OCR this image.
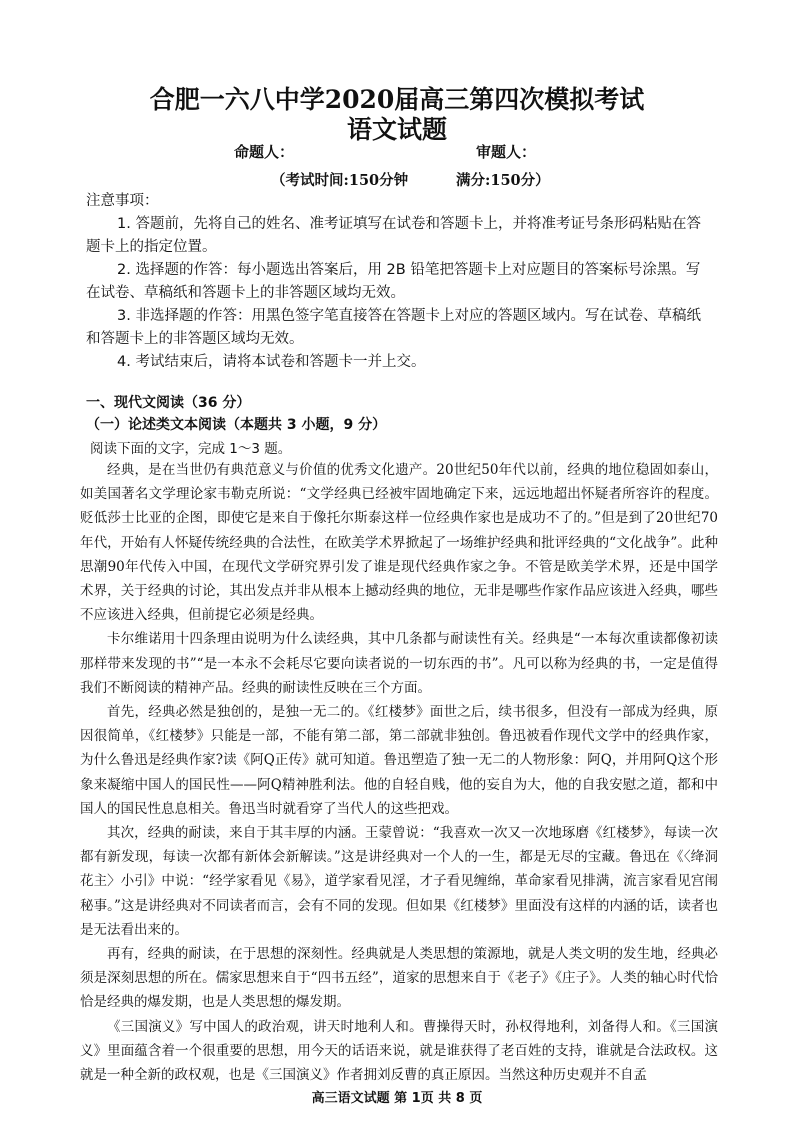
合肥一六八中学2020届高三第四次模拟考试
语文试题
命题人：	审题人：
（考试时间:150分钟	满分:150分）

注意事项：

1. 答题前，先将自己的姓名、准考证填写在试卷和答题卡上，并将准考证号条形码粘贴在答题卡上的指定位置。

2. 选择题的作答：每小题选出答案后，用 2B 铅笔把答题卡上对应题目的答案标号涂黑。写在试卷、草稿纸和答题卡上的非答题区域均无效。

3. 非选择题的作答：用黑色签字笔直接答在答题卡上对应的答题区域内。写在试卷、草稿纸和答题卡上的非答题区域均无效。

4. 考试结束后，请将本试卷和答题卡一并上交。

一、现代文阅读（36 分）
（一）论述类文本阅读（本题共 3 小题，9 分）
阅读下面的文字，完成 1～3 题。

经典，是在当世仍有典范意义与价值的优秀文化遗产。20世纪50年代以前，经典的地位稳固如泰山，如美国著名文学理论家韦勒克所说：“文学经典已经被牢固地确定下来，远远地超出怀疑者所容许的程度。贬低莎士比亚的企图，即使它是来自于像托尔斯泰这样一位经典作家也是成功不了的。”但是到了20世纪70年代，开始有人怀疑传统经典的合法性，在欧美学术界掀起了一场维护经典和批评经典的“文化战争”。此种思潮90年代传入中国，在现代文学研究界引发了谁是现代经典作家之争。不管是欧美学术界，还是中国学术界，关于经典的讨论，其出发点并非从根本上撼动经典的地位，无非是哪些作家作品应该进入经典，哪些不应该进入经典，但前提它必须是经典。

卡尔维诺用十四条理由说明为什么读经典，其中几条都与耐读性有关。经典是“一本每次重读都像初读那样带来发现的书”“是一本永不会耗尽它要向读者说的一切东西的书”。凡可以称为经典的书，一定是值得我们不断阅读的精神产品。经典的耐读性反映在三个方面。

首先，经典必然是独创的，是独一无二的。《红楼梦》面世之后，续书很多，但没有一部成为经典，原因很简单，《红楼梦》只能是一部，不能有第二部，第二部就非独创。鲁迅被看作现代文学中的经典作家，为什么鲁迅是经典作家?读《阿Q正传》就可知道。鲁迅塑造了独一无二的人物形象：阿Q，并用阿Q这个形象来凝缩中国人的国民性——阿Q精神胜利法。他的自轻自贱，他的妄自为大，他的自我安慰之道，都和中国人的国民性息息相关。鲁迅当时就看穿了当代人的这些把戏。

其次，经典的耐读，来自于其丰厚的内涵。王蒙曾说：“我喜欢一次又一次地琢磨《红楼梦》，每读一次都有新发现，每读一次都有新体会新解读。”这是讲经典对一个人的一生，都是无尽的宝藏。鲁迅在《〈绛洞花主〉小引》中说：“经学家看见《易》，道学家看见淫，才子看见缠绵，革命家看见排满，流言家看见宫闱秘事。”这是讲经典对不同读者而言，会有不同的发现。但如果《红楼梦》里面没有这样的内涵的话，读者也是无法看出来的。

再有，经典的耐读，在于思想的深刻性。经典就是人类思想的策源地，就是人类文明的发生地，经典必须是深刻思想的所在。儒家思想来自于“四书五经”，道家的思想来自于《老子》《庄子》。人类的轴心时代恰恰是经典的爆发期，也是人类思想的爆发期。

《三国演义》写中国人的政治观，讲天时地利人和。曹操得天时，孙权得地利，刘备得人和。《三国演义》里面蕴含着一个很重要的思想，用今天的话语来说，就是谁获得了老百姓的支持，谁就是合法政权。这就是一种全新的政权观，也是《三国演义》作者拥刘反曹的真正原因。当然这种历史观并不自孟

高三语文试题 第 1页 共 8 页
